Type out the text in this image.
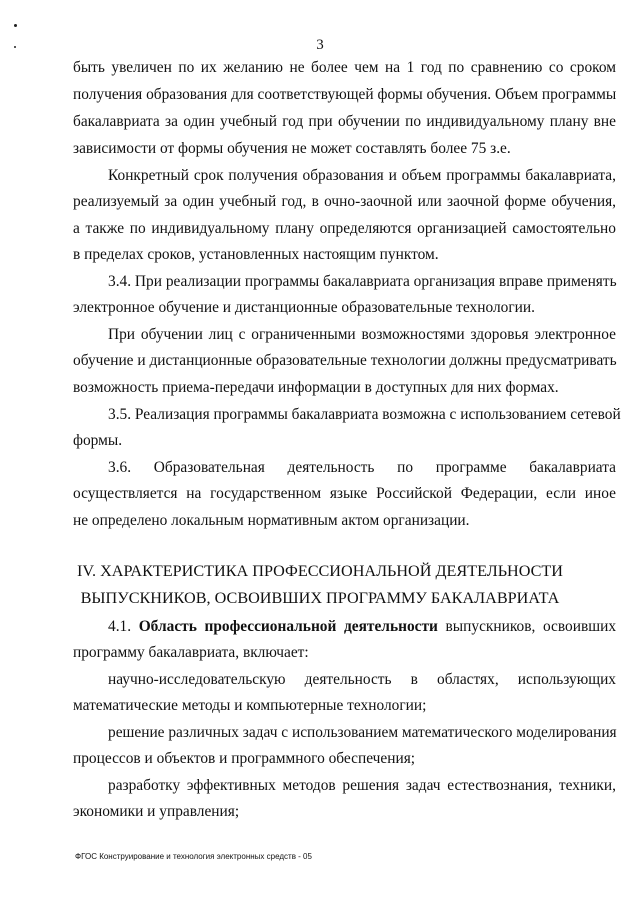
3
быть увеличен по их желанию не более чем на 1 год по сравнению со сроком
получения образования для соответствующей формы обучения. Объем программы
бакалавриата за один учебный год при обучении по индивидуальному плану вне
зависимости от формы обучения не может составлять более 75 з.е.
Конкретный срок получения образования и объем программы бакалавриата,
реализуемый за один учебный год, в очно-заочной или заочной форме обучения,
а также по индивидуальному плану определяются организацией самостоятельно
в пределах сроков, установленных настоящим пунктом.
3.4. При реализации программы бакалавриата организация вправе применять
электронное обучение и дистанционные образовательные технологии.
При обучении лиц с ограниченными возможностями здоровья электронное
обучение и дистанционные образовательные технологии должны предусматривать
возможность приема-передачи информации в доступных для них формах.
3.5. Реализация программы бакалавриата возможна с использованием сетевой
формы.
3.6. Образовательная деятельность по программе бакалавриата
осуществляется на государственном языке Российской Федерации, если иное
не определено локальным нормативным актом организации.
IV. ХАРАКТЕРИСТИКА ПРОФЕССИОНАЛЬНОЙ ДЕЯТЕЛЬНОСТИ
ВЫПУСКНИКОВ, ОСВОИВШИХ ПРОГРАММУ БАКАЛАВРИАТА
4.1. Область профессиональной деятельности выпускников, освоивших
программу бакалавриата, включает:
научно-исследовательскую деятельность в областях, использующих
математические методы и компьютерные технологии;
решение различных задач с использованием математического моделирования
процессов и объектов и программного обеспечения;
разработку эффективных методов решения задач естествознания, техники,
экономики и управления;
ФГОС Конструирование и технология электронных средств - 05
